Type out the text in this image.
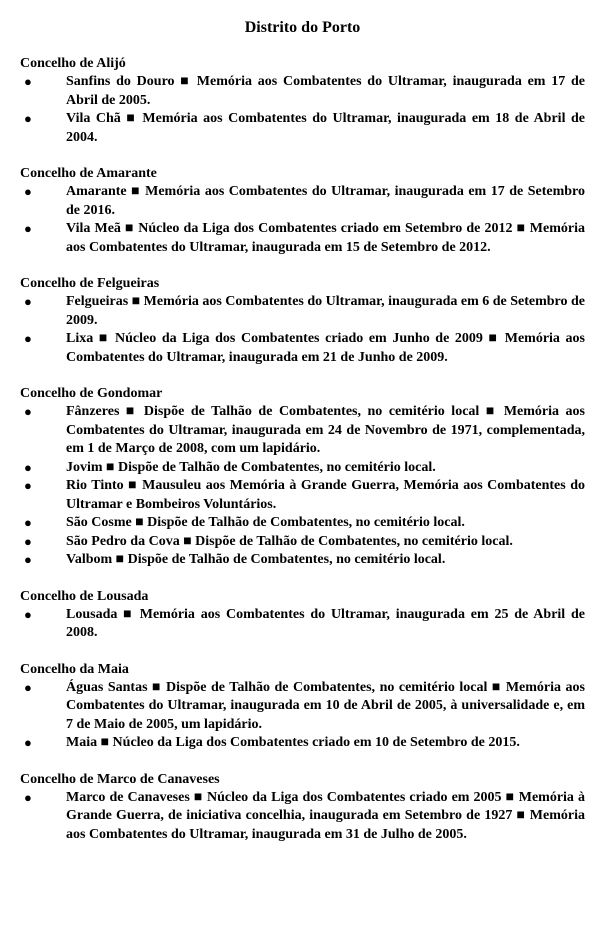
Distrito do Porto

Concelho de Alijó

● Sanfins do Douro ■ Memória aos Combatentes do Ultramar, inaugurada em 17 de Abril de 2005.
● Vila Chã ■ Memória aos Combatentes do Ultramar, inaugurada em 18 de Abril de 2004.

Concelho de Amarante

● Amarante ■ Memória aos Combatentes do Ultramar, inaugurada em 17 de Setembro de 2016.
● Vila Meã ■ Núcleo da Liga dos Combatentes criado em Setembro de 2012 ■ Memória aos Combatentes do Ultramar, inaugurada em 15 de Setembro de 2012.

Concelho de Felgueiras

● Felgueiras ■ Memória aos Combatentes do Ultramar, inaugurada em 6 de Setembro de 2009.
● Lixa ■ Núcleo da Liga dos Combatentes criado em Junho de 2009 ■ Memória aos Combatentes do Ultramar, inaugurada em 21 de Junho de 2009.

Concelho de Gondomar

● Fânzeres ■ Dispõe de Talhão de Combatentes, no cemitério local ■ Memória aos Combatentes do Ultramar, inaugurada em 24 de Novembro de 1971, complementada, em 1 de Março de 2008, com um lapidário.
● Jovim ■ Dispõe de Talhão de Combatentes, no cemitério local.
● Rio Tinto ■ Mausuleu aos Memória à Grande Guerra, Memória aos Combatentes do Ultramar e Bombeiros Voluntários.
● São Cosme ■ Dispõe de Talhão de Combatentes, no cemitério local.
● São Pedro da Cova ■ Dispõe de Talhão de Combatentes, no cemitério local.
● Valbom ■ Dispõe de Talhão de Combatentes, no cemitério local.

Concelho de Lousada

● Lousada ■ Memória aos Combatentes do Ultramar, inaugurada em 25 de Abril de 2008.

Concelho da Maia

● Águas Santas ■ Dispõe de Talhão de Combatentes, no cemitério local ■ Memória aos Combatentes do Ultramar, inaugurada em 10 de Abril de 2005, à universalidade e, em 7 de Maio de 2005, um lapidário.
● Maia ■ Núcleo da Liga dos Combatentes criado em 10 de Setembro de 2015.

Concelho de Marco de Canaveses

● Marco de Canaveses ■ Núcleo da Liga dos Combatentes criado em 2005 ■ Memória à Grande Guerra, de iniciativa concelhia, inaugurada em Setembro de 1927 ■ Memória aos Combatentes do Ultramar, inaugurada em 31 de Julho de 2005.
